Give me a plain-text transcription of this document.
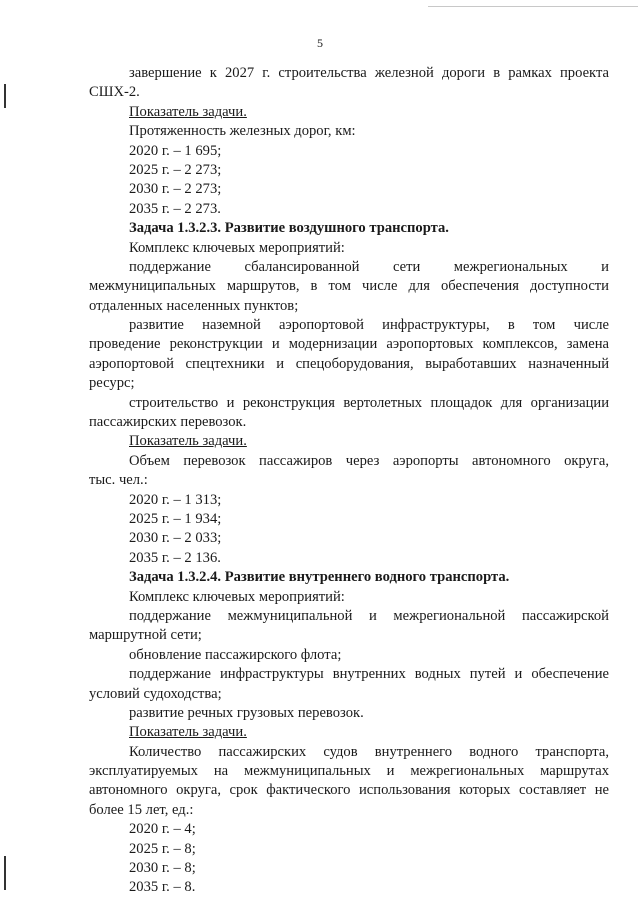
5
завершение к 2027 г. строительства железной дороги в рамках проекта
СШХ-2.
Показатель задачи.
Протяженность железных дорог, км:
2020 г. – 1 695;
2025 г. – 2 273;
2030 г. – 2 273;
2035 г. – 2 273.
Задача 1.3.2.3. Развитие воздушного транспорта.
Комплекс ключевых мероприятий:
поддержание сбалансированной сети межрегиональных и
межмуниципальных маршрутов, в том числе для обеспечения доступности
отдаленных населенных пунктов;
развитие наземной аэропортовой инфраструктуры, в том числе
проведение реконструкции и модернизации аэропортовых комплексов, замена
аэропортовой спецтехники и спецоборудования, выработавших назначенный
ресурс;
строительство и реконструкция вертолетных площадок для организации
пассажирских перевозок.
Показатель задачи.
Объем перевозок пассажиров через аэропорты автономного округа,
тыс. чел.:
2020 г. – 1 313;
2025 г. – 1 934;
2030 г. – 2 033;
2035 г. – 2 136.
Задача 1.3.2.4. Развитие внутреннего водного транспорта.
Комплекс ключевых мероприятий:
поддержание межмуниципальной и межрегиональной пассажирской
маршрутной сети;
обновление пассажирского флота;
поддержание инфраструктуры внутренних водных путей и обеспечение
условий судоходства;
развитие речных грузовых перевозок.
Показатель задачи.
Количество пассажирских судов внутреннего водного транспорта,
эксплуатируемых на межмуниципальных и межрегиональных маршрутах
автономного округа, срок фактического использования которых составляет не
более 15 лет, ед.:
2020 г. – 4;
2025 г. – 8;
2030 г. – 8;
2035 г. – 8.
